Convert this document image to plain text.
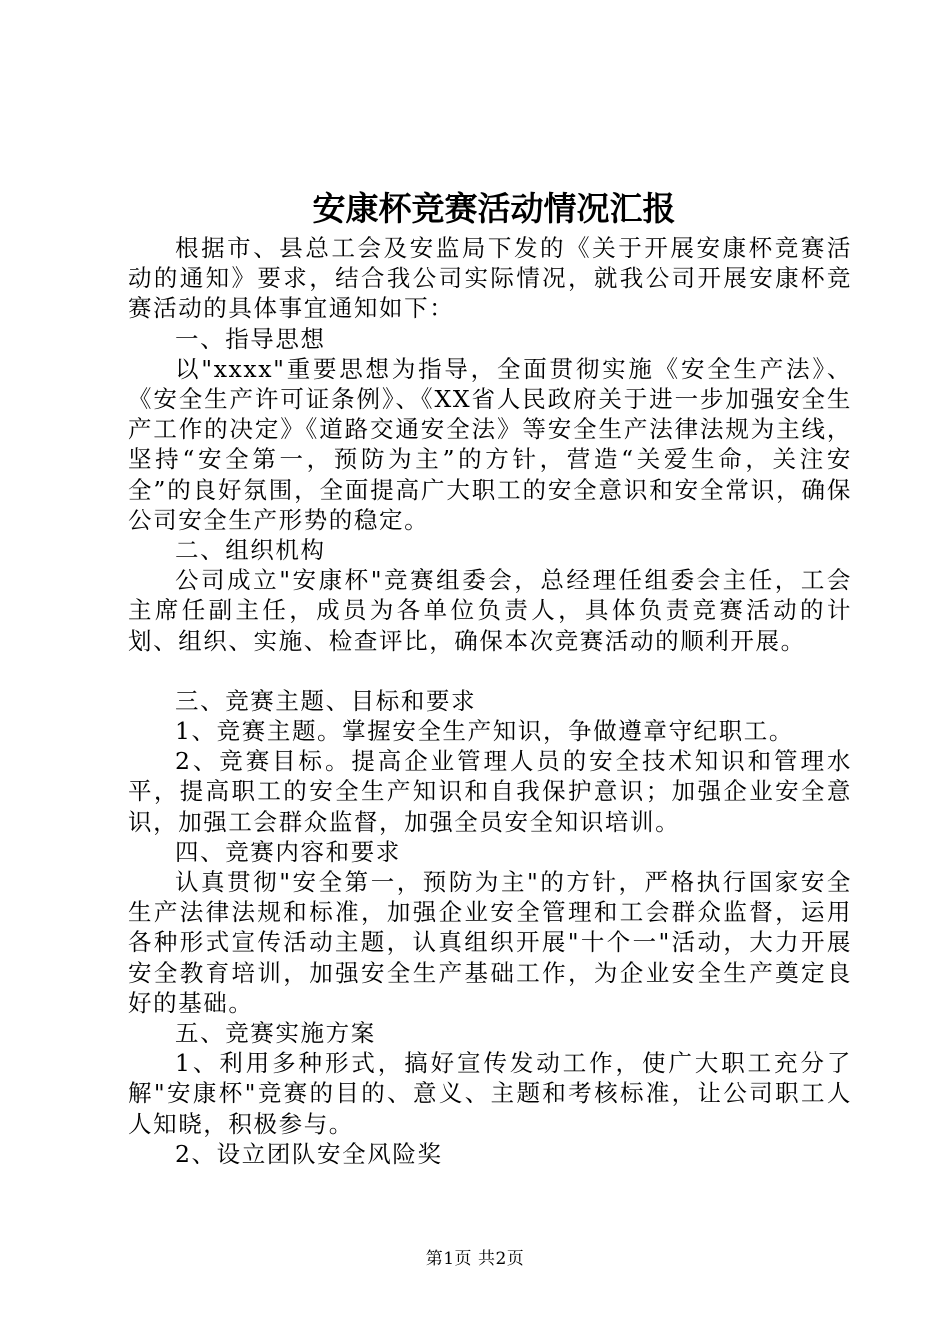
安康杯竞赛活动情况汇报

根据市、县总工会及安监局下发的《关于开展安康杯竞赛活动的通知》要求，结合我公司实际情况，就我公司开展安康杯竞赛活动的具体事宜通知如下：

一、指导思想

以"xxxx"重要思想为指导，全面贯彻实施《安全生产法》、《安全生产许可证条例》、《XX省人民政府关于进一步加强安全生产工作的决定》《道路交通安全法》等安全生产法律法规为主线，坚持“安全第一，预防为主”的方针，营造“关爱生命，关注安全”的良好氛围，全面提高广大职工的安全意识和安全常识，确保公司安全生产形势的稳定。

二、组织机构

公司成立"安康杯"竞赛组委会，总经理任组委会主任，工会主席任副主任，成员为各单位负责人，具体负责竞赛活动的计划、组织、实施、检查评比，确保本次竞赛活动的顺利开展。

三、竞赛主题、目标和要求

1、竞赛主题。掌握安全生产知识，争做遵章守纪职工。

2、竞赛目标。提高企业管理人员的安全技术知识和管理水平，提高职工的安全生产知识和自我保护意识；加强企业安全意识，加强工会群众监督，加强全员安全知识培训。

四、竞赛内容和要求

认真贯彻"安全第一，预防为主"的方针，严格执行国家安全生产法律法规和标准，加强企业安全管理和工会群众监督，运用各种形式宣传活动主题，认真组织开展"十个一"活动，大力开展安全教育培训，加强安全生产基础工作，为企业安全生产奠定良好的基础。

五、竞赛实施方案

1、利用多种形式，搞好宣传发动工作，使广大职工充分了解"安康杯"竞赛的目的、意义、主题和考核标准，让公司职工人人知晓，积极参与。

2、设立团队安全风险奖

第1页 共2页
